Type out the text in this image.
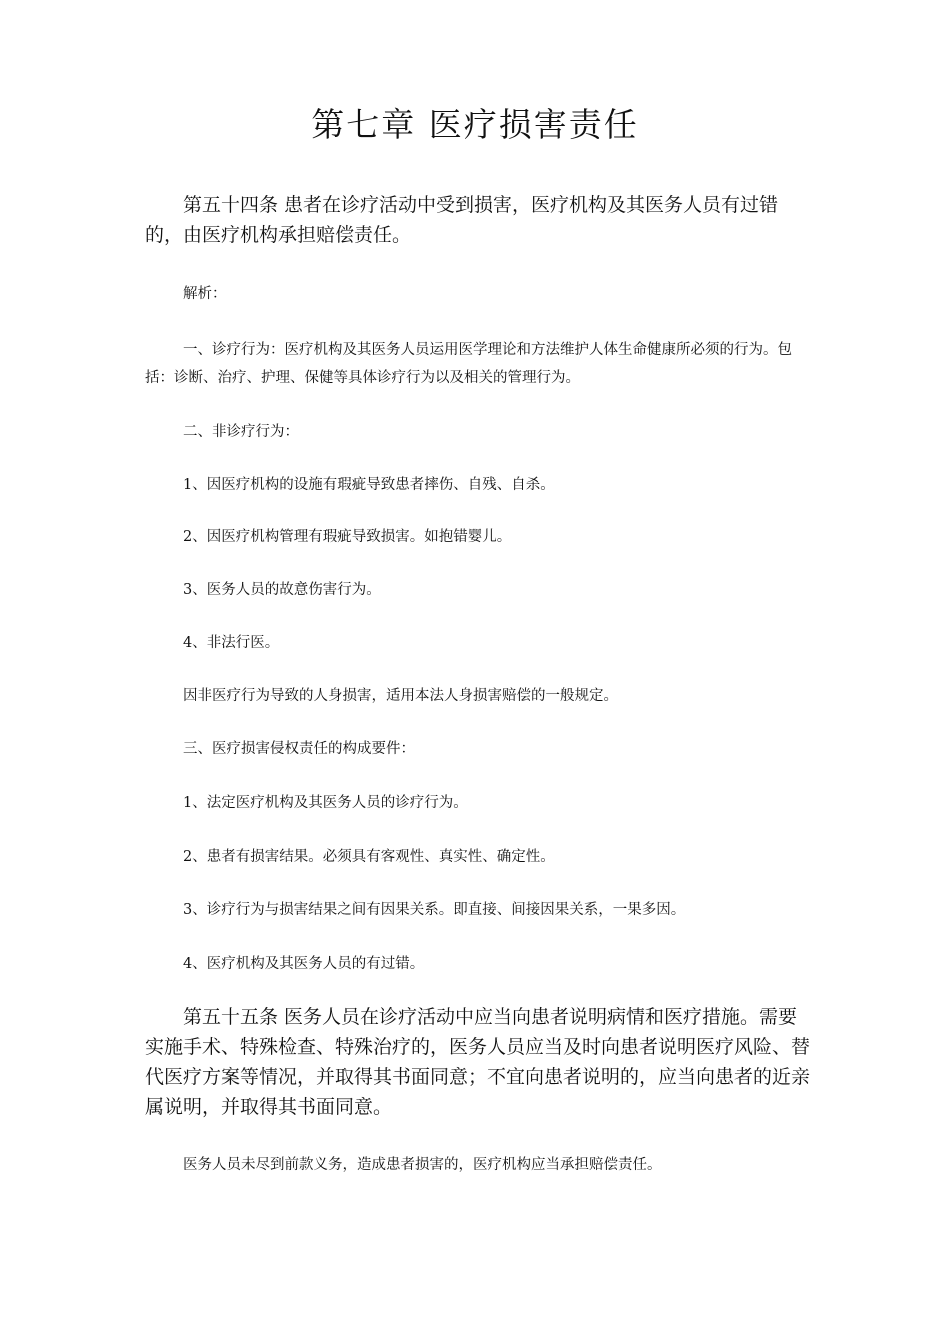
第七章 医疗损害责任

第五十四条 患者在诊疗活动中受到损害，医疗机构及其医务人员有过错的，由医疗机构承担赔偿责任。

解析：

一、诊疗行为：医疗机构及其医务人员运用医学理论和方法维护人体生命健康所必须的行为。包括：诊断、治疗、护理、保健等具体诊疗行为以及相关的管理行为。

二、非诊疗行为：

1、因医疗机构的设施有瑕疵导致患者摔伤、自残、自杀。

2、因医疗机构管理有瑕疵导致损害。如抱错婴儿。

3、医务人员的故意伤害行为。

4、非法行医。

因非医疗行为导致的人身损害，适用本法人身损害赔偿的一般规定。

三、医疗损害侵权责任的构成要件：

1、法定医疗机构及其医务人员的诊疗行为。

2、患者有损害结果。必须具有客观性、真实性、确定性。

3、诊疗行为与损害结果之间有因果关系。即直接、间接因果关系，一果多因。

4、医疗机构及其医务人员的有过错。

第五十五条 医务人员在诊疗活动中应当向患者说明病情和医疗措施。需要实施手术、特殊检查、特殊治疗的，医务人员应当及时向患者说明医疗风险、替代医疗方案等情况，并取得其书面同意；不宜向患者说明的，应当向患者的近亲属说明，并取得其书面同意。

医务人员未尽到前款义务，造成患者损害的，医疗机构应当承担赔偿责任。
